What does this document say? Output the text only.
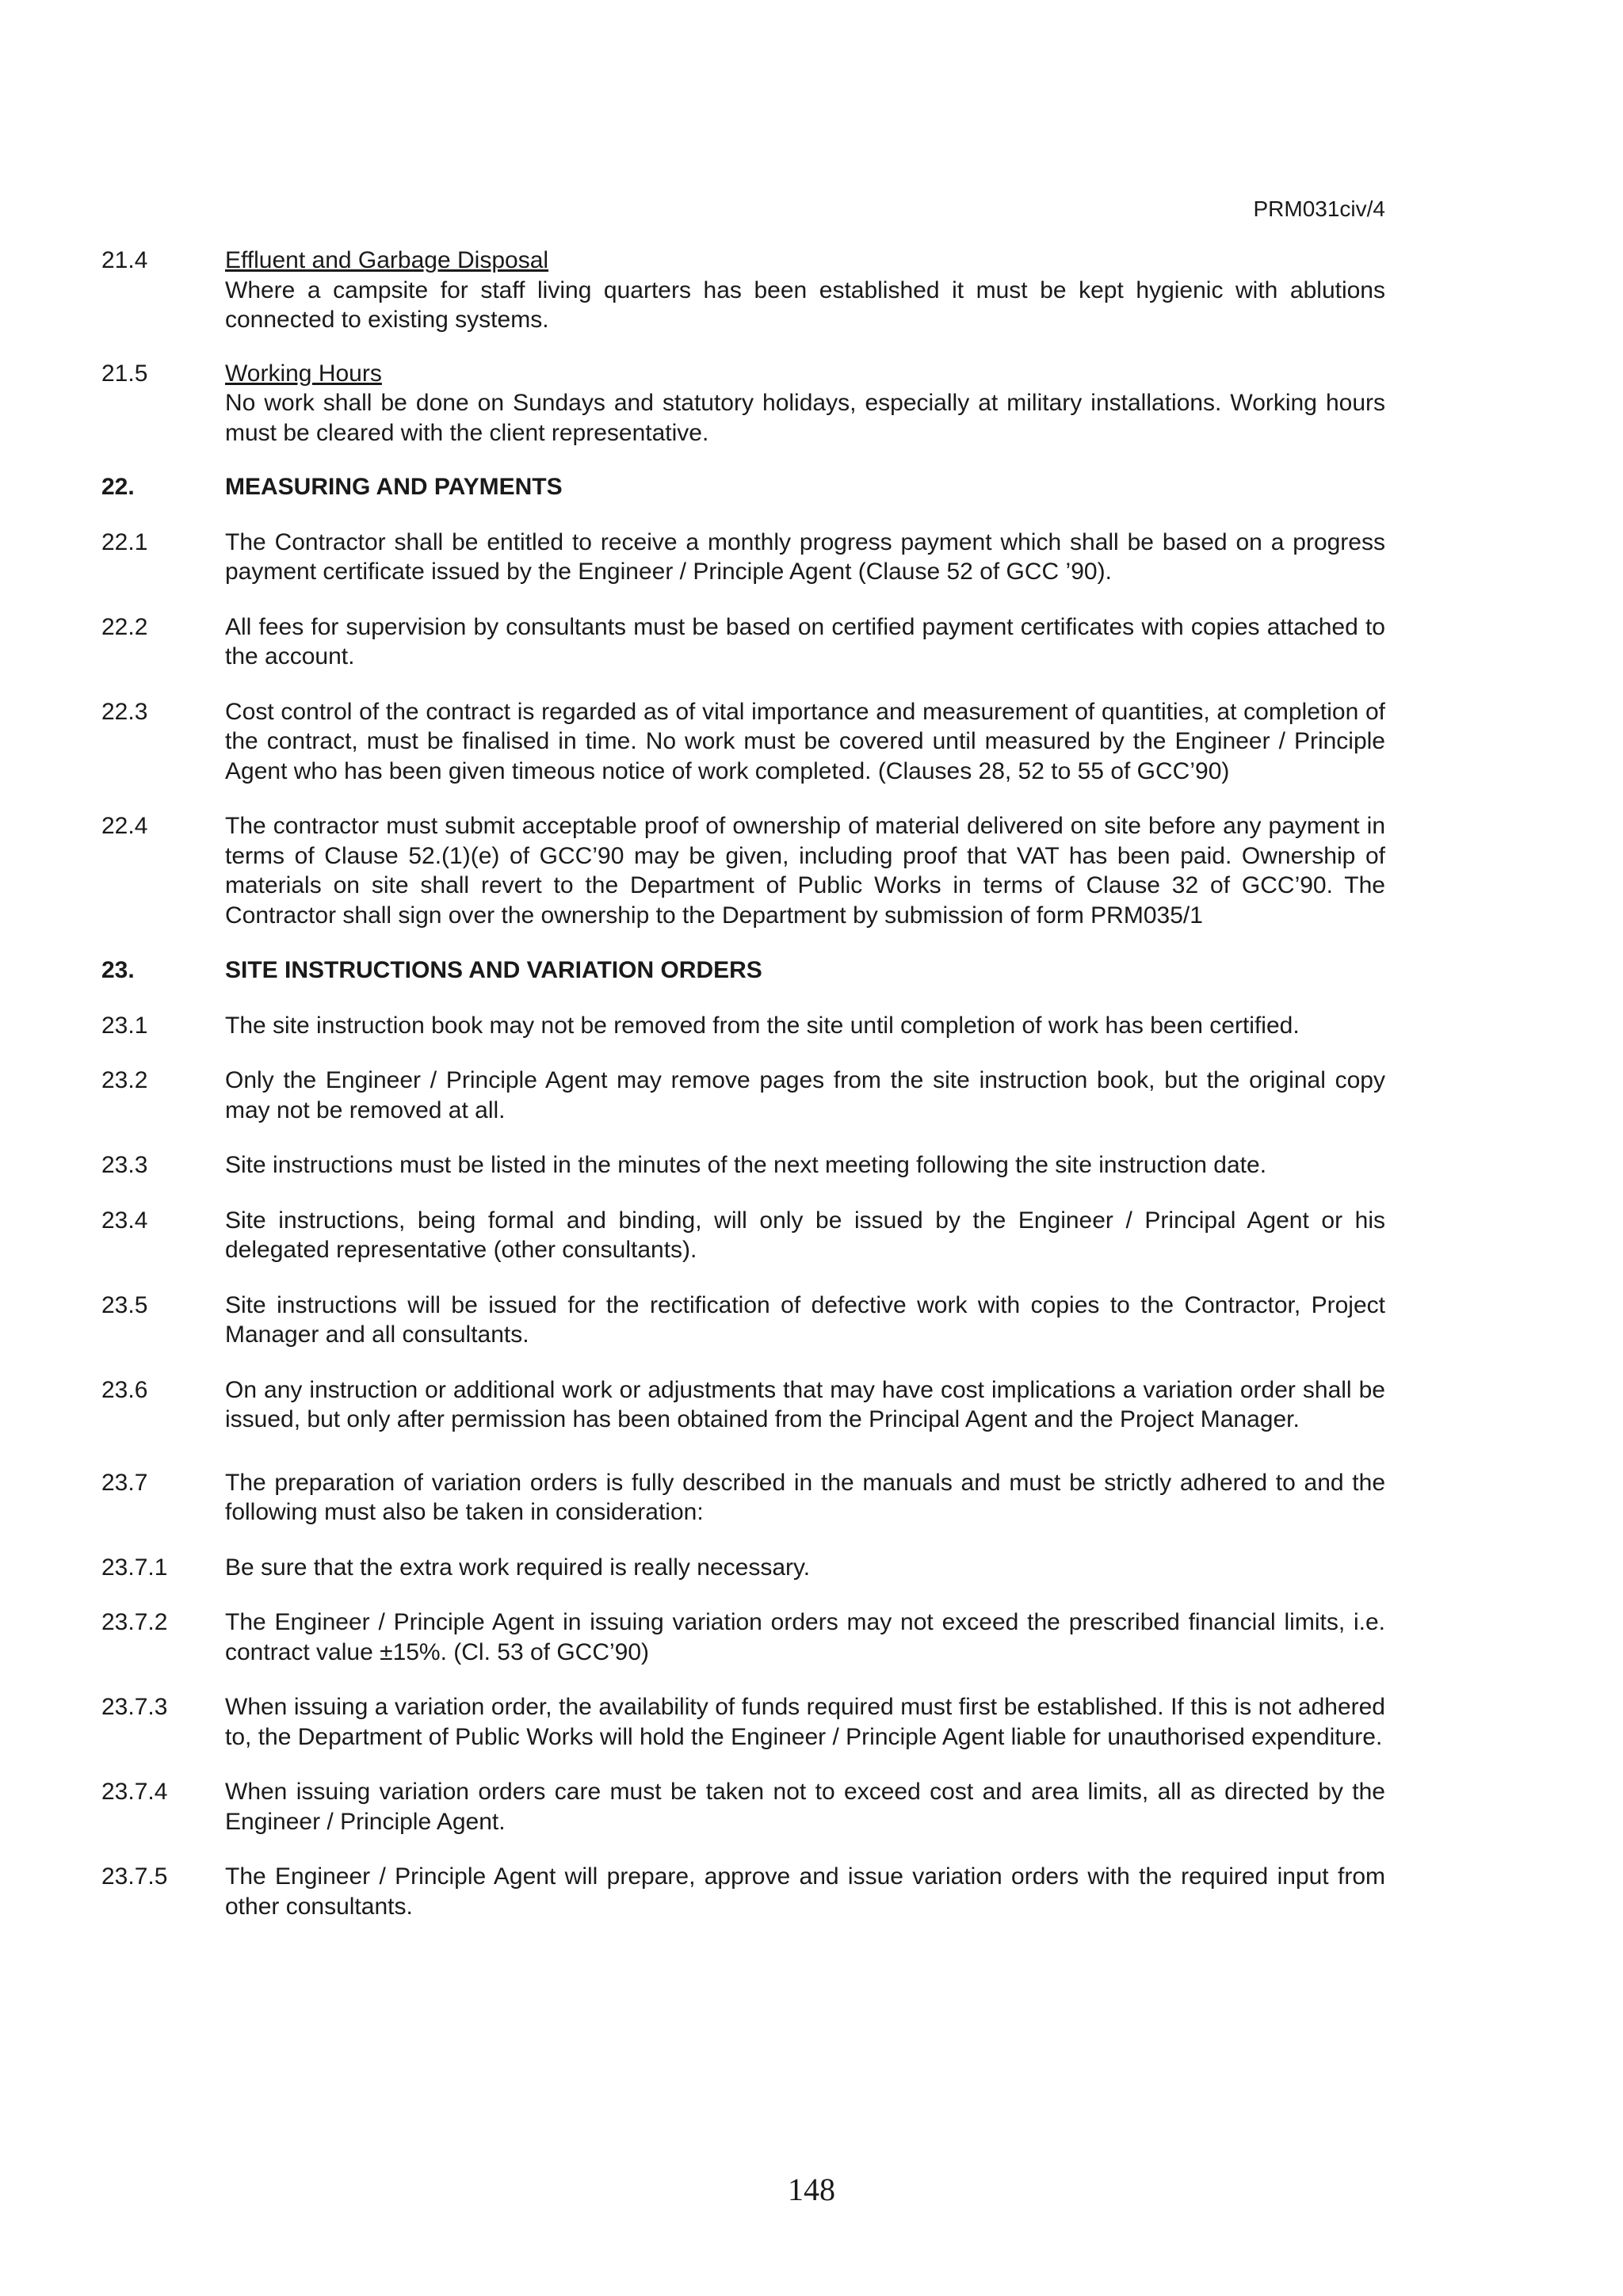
PRM031civ/4
21.4	Effluent and Garbage Disposal
Where a campsite for staff living quarters has been established it must be kept hygienic with ablutions connected to existing systems.
21.5	Working Hours
No work shall be done on Sundays and statutory holidays, especially at military installations. Working hours must be cleared with the client representative.
22.	MEASURING AND PAYMENTS
22.1	The Contractor shall be entitled to receive a monthly progress payment which shall be based on a progress payment certificate issued by the Engineer / Principle Agent (Clause 52 of GCC ’90).
22.2	All fees for supervision by consultants must be based on certified payment certificates with copies attached to the account.
22.3	Cost control of the contract is regarded as of vital importance and measurement of quantities, at completion of the contract, must be finalised in time. No work must be covered until measured by the Engineer / Principle Agent who has been given timeous notice of work completed. (Clauses 28, 52 to 55 of GCC’90)
22.4	The contractor must submit acceptable proof of ownership of material delivered on site before any payment in terms of Clause 52.(1)(e) of GCC’90 may be given, including proof that VAT has been paid. Ownership of materials on site shall revert to the Department of Public Works in terms of Clause 32 of GCC’90. The Contractor shall sign over the ownership to the Department by submission of form PRM035/1
23.	SITE INSTRUCTIONS AND VARIATION ORDERS
23.1	The site instruction book may not be removed from the site until completion of work has been certified.
23.2	Only the Engineer / Principle Agent may remove pages from the site instruction book, but the original copy may not be removed at all.
23.3	Site instructions must be listed in the minutes of the next meeting following the site instruction date.
23.4	Site instructions, being formal and binding, will only be issued by the Engineer / Principal Agent or his delegated representative (other consultants).
23.5	Site instructions will be issued for the rectification of defective work with copies to the Contractor, Project Manager and all consultants.
23.6	On any instruction or additional work or adjustments that may have cost implications a variation order shall be issued, but only after permission has been obtained from the Principal Agent and the Project Manager.
23.7	The preparation of variation orders is fully described in the manuals and must be strictly adhered to and the following must also be taken in consideration:
23.7.1	Be sure that the extra work required is really necessary.
23.7.2	The Engineer / Principle Agent in issuing variation orders may not exceed the prescribed financial limits, i.e. contract value ±15%. (Cl. 53 of GCC’90)
23.7.3	When issuing a variation order, the availability of funds required must first be established. If this is not adhered to, the Department of Public Works will hold the Engineer / Principle Agent liable for unauthorised expenditure.
23.7.4	When issuing variation orders care must be taken not to exceed cost and area limits, all as directed by the Engineer / Principle Agent.
23.7.5	The Engineer / Principle Agent will prepare, approve and issue variation orders with the required input from other consultants.
148
